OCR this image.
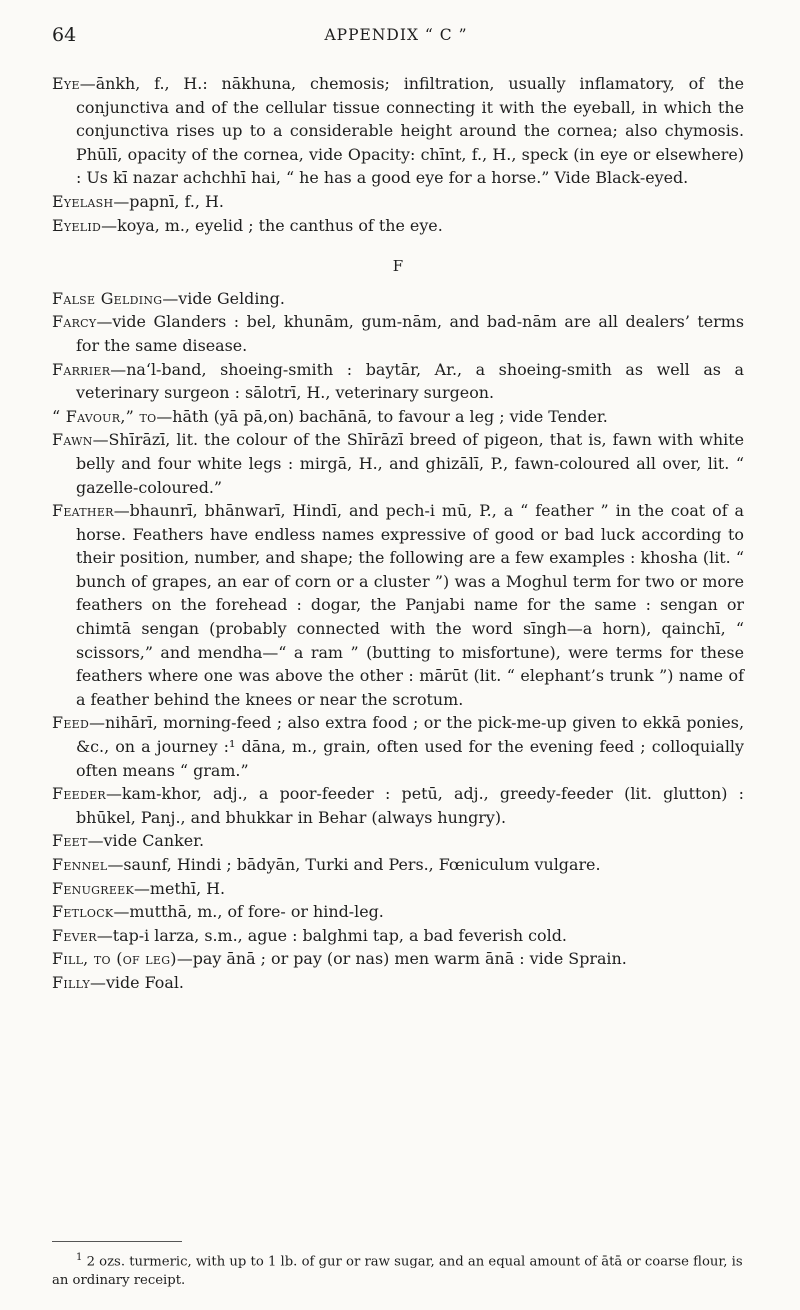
64	APPENDIX “ C ”

Eye—ānkh, f., H.: nākhuna, chemosis; infiltration, usually inflamatory, of the conjunctiva and of the cellular tissue connecting it with the eyeball, in which the conjunctiva rises up to a considerable height around the cornea; also chymosis. Phūlī, opacity of the cornea, vide Opacity: chīnt, f., H., speck (in eye or elsewhere) : Us kī nazar achchhī hai, “ he has a good eye for a horse.” Vide Black-eyed.

Eyelash—papnī, f., H.

Eyelid—koya, m., eyelid ; the canthus of the eye.

F

False Gelding—vide Gelding.

Farcy—vide Glanders : bel, khunām, gum-nām, and bad-nām are all dealers’ terms for the same disease.

Farrier—na‘l-band, shoeing-smith : baytār, Ar., a shoeing-smith as well as a veterinary surgeon : sālotrī, H., veterinary surgeon.

“ Favour,” to—hāth (yā pā,on) bachānā, to favour a leg ; vide Tender.

Fawn—Shīrāzī, lit. the colour of the Shīrāzī breed of pigeon, that is, fawn with white belly and four white legs : mirgā, H., and ghizālī, P., fawn-coloured all over, lit. “ gazelle-coloured.”

Feather—bhaunrī, bhānwarī, Hindī, and pech-i mū, P., a “ feather ” in the coat of a horse. Feathers have endless names expressive of good or bad luck according to their position, number, and shape; the following are a few examples : khosha (lit. “ bunch of grapes, an ear of corn or a cluster ”) was a Moghul term for two or more feathers on the forehead : dogar, the Panjabi name for the same : sengan or chimtā sengan (probably connected with the word sīngh—a horn), qainchī, “ scissors,” and mendha—“ a ram ” (butting to misfortune), were terms for these feathers where one was above the other : mārūt (lit. “ elephant’s trunk ”) name of a feather behind the knees or near the scrotum.

Feed—nihārī, morning-feed ; also extra food ; or the pick-me-up given to ekkā ponies, &c., on a journey :¹ dāna, m., grain, often used for the evening feed ; colloquially often means “ gram.”

Feeder—kam-khor, adj., a poor-feeder : petū, adj., greedy-feeder (lit. glutton) : bhūkel, Panj., and bhukkar in Behar (always hungry).

Feet—vide Canker.

Fennel—saunf, Hindi ; bādyān, Turki and Pers., Fœniculum vulgare.

Fenugreek—methī, H.

Fetlock—mutthā, m., of fore- or hind-leg.

Fever—tap-i larza, s.m., ague : balghmi tap, a bad feverish cold.

Fill, to (of leg)—pay ānā ; or pay (or nas) men warm ānā : vide Sprain.

Filly—vide Foal.

$^1$ 2 ozs. turmeric, with up to 1 lb. of gur or raw sugar, and an equal amount of ātā or coarse flour, is an ordinary receipt.
